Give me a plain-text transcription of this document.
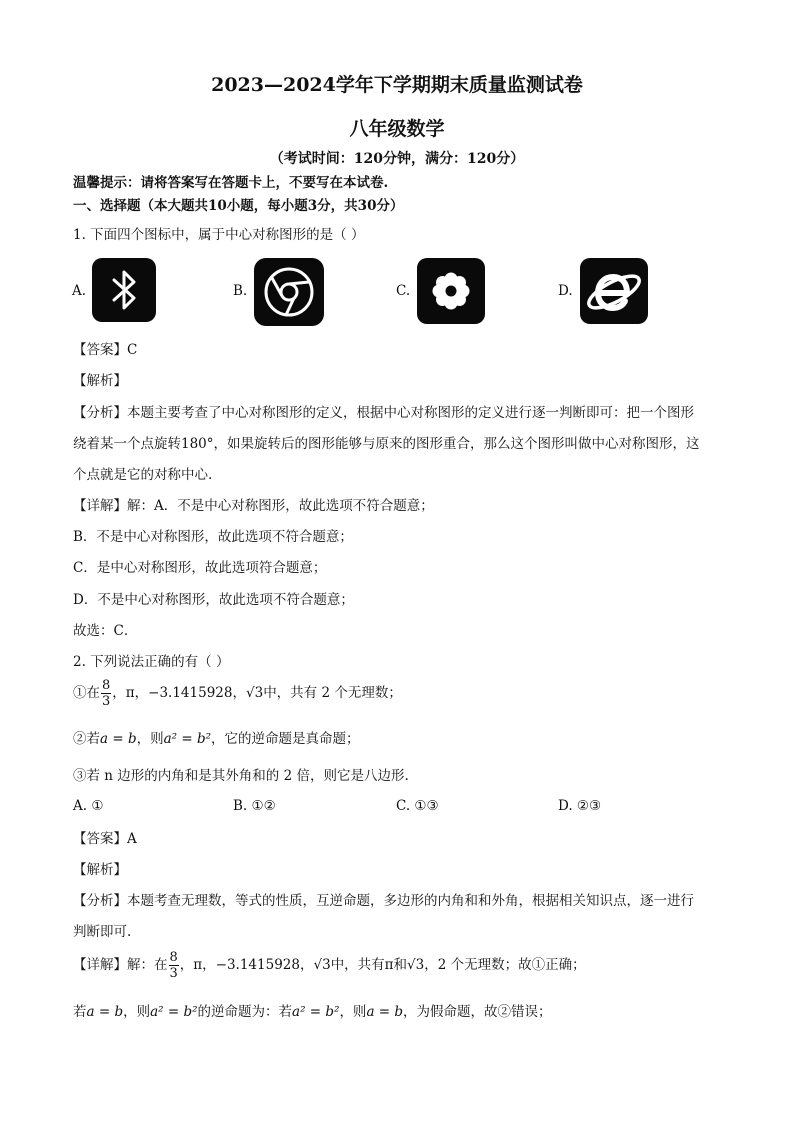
2023—2024学年下学期期末质量监测试卷
八年级数学
（考试时间：120分钟，满分：120分）
温馨提示：请将答案写在答题卡上，不要写在本试卷.
一、选择题（本大题共10小题，每小题3分，共30分）
1. 下面四个图标中，属于中心对称图形的是（ ）
A.	B.	C.	D.
【答案】C
【解析】
【分析】本题主要考查了中心对称图形的定义，根据中心对称图形的定义进行逐一判断即可：把一个图形
绕着某一个点旋转180°，如果旋转后的图形能够与原来的图形重合，那么这个图形叫做中心对称图形，这
个点就是它的对称中心.
【详解】解：A．不是中心对称图形，故此选项不符合题意；
B．不是中心对称图形，故此选项不符合题意；
C．是中心对称图形，故此选项符合题意；
D．不是中心对称图形，故此选项不符合题意；
故选：C．
2. 下列说法正确的有（ ）
①在 $\frac{8}{3}$ ，π，−3.1415928，√3中，共有 2 个无理数；
②若a = b，则a² = b²，它的逆命题是真命题；
③若 n 边形的内角和是其外角和的 2 倍，则它是八边形.
A. ①	B. ①②	C. ①③	D. ②③
【答案】A
【解析】
【分析】本题考查无理数，等式的性质，互逆命题，多边形的内角和和外角，根据相关知识点，逐一进行
判断即可.
【详解】解：在 $\frac{8}{3}$ ，π，−3.1415928，√3中，共有π和√3，2 个无理数；故①正确；
若a = b，则a² = b²的逆命题为：若a² = b²，则a = b，为假命题，故②错误；
